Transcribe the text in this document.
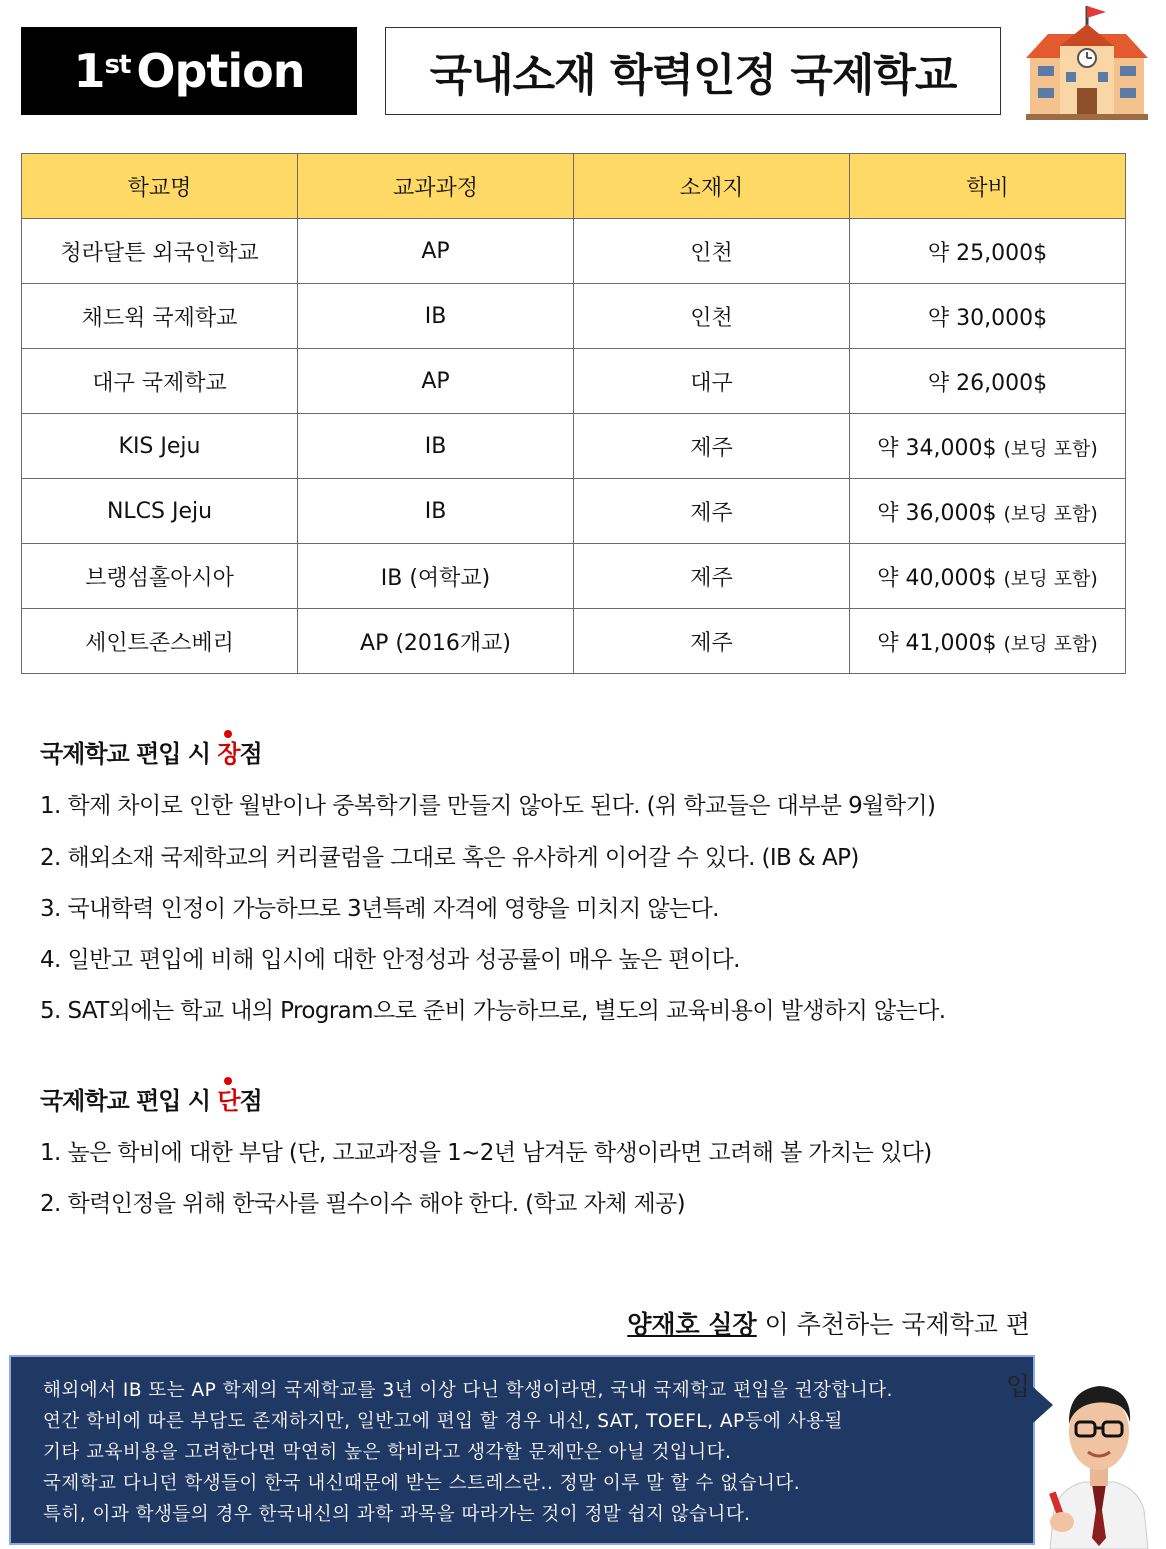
1st Option	국내소재 학력인정 국제학교
학교명	교과과정	소재지	학비
청라달튼 외국인학교	AP	인천	약 25,000$
채드윅 국제학교	IB	인천	약 30,000$
대구 국제학교	AP	대구	약 26,000$
KIS Jeju	IB	제주	약 34,000$ (보딩 포함)
NLCS Jeju	IB	제주	약 36,000$ (보딩 포함)
브랭섬홀아시아	IB (여학교)	제주	약 40,000$ (보딩 포함)
세인트존스베리	AP (2016개교)	제주	약 41,000$ (보딩 포함)
국제학교 편입 시 장점
1. 학제 차이로 인한 월반이나 중복학기를 만들지 않아도 된다. (위 학교들은 대부분 9월학기)
2. 해외소재 국제학교의 커리큘럼을 그대로 혹은 유사하게 이어갈 수 있다. (IB & AP)
3. 국내학력 인정이 가능하므로 3년특례 자격에 영향을 미치지 않는다.
4. 일반고 편입에 비해 입시에 대한 안정성과 성공률이 매우 높은 편이다.
5. SAT외에는 학교 내의 Program으로 준비 가능하므로, 별도의 교육비용이 발생하지 않는다.
국제학교 편입 시 단점
1. 높은 학비에 대한 부담 (단, 고교과정을 1~2년 남겨둔 학생이라면 고려해 볼 가치는 있다)
2. 학력인정을 위해 한국사를 필수이수 해야 한다. (학교 자체 제공)
양재호 실장 이 추천하는 국제학교 편
해외에서 IB 또는 AP 학제의 국제학교를 3년 이상 다닌 학생이라면, 국내 국제학교 편입을 권장합니다.
연간 학비에 따른 부담도 존재하지만, 일반고에 편입 할 경우 내신, SAT, TOEFL, AP등에 사용될
기타 교육비용을 고려한다면 막연히 높은 학비라고 생각할 문제만은 아닐 것입니다.
국제학교 다니던 학생들이 한국 내신때문에 받는 스트레스란.. 정말 이루 말 할 수 없습니다.
특히, 이과 학생들의 경우 한국내신의 과학 과목을 따라가는 것이 정말 쉽지 않습니다.
입
